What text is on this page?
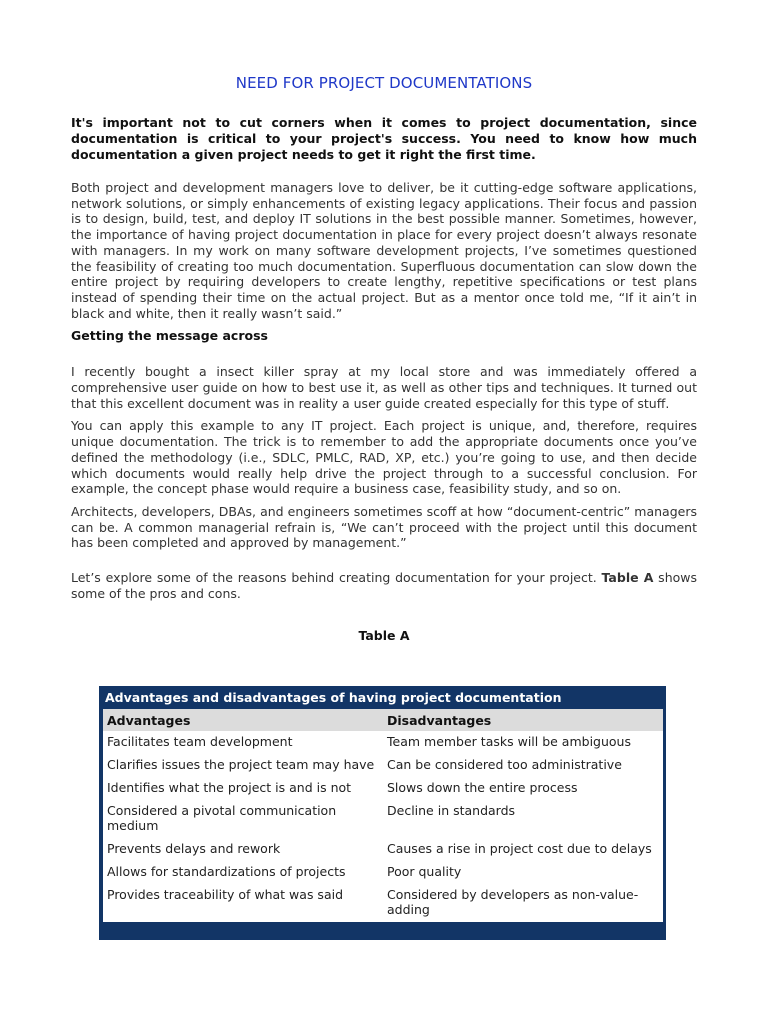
NEED FOR PROJECT DOCUMENTATIONS

It's important not to cut corners when it comes to project documentation, since documentation is critical to your project's success. You need to know how much documentation a given project needs to get it right the first time.

Both project and development managers love to deliver, be it cutting-edge software applications, network solutions, or simply enhancements of existing legacy applications. Their focus and passion is to design, build, test, and deploy IT solutions in the best possible manner. Sometimes, however, the importance of having project documentation in place for every project doesn’t always resonate with managers. In my work on many software development projects, I’ve sometimes questioned the feasibility of creating too much documentation. Superfluous documentation can slow down the entire project by requiring developers to create lengthy, repetitive specifications or test plans instead of spending their time on the actual project. But as a mentor once told me, “If it ain’t in black and white, then it really wasn’t said.”

Getting the message across

I recently bought a insect killer spray at my local store and was immediately offered a comprehensive user guide on how to best use it, as well as other tips and techniques. It turned out that this excellent document was in reality a user guide created especially for this type of stuff.

You can apply this example to any IT project. Each project is unique, and, therefore, requires unique documentation. The trick is to remember to add the appropriate documents once you’ve defined the methodology (i.e., SDLC, PMLC, RAD, XP, etc.) you’re going to use, and then decide which documents would really help drive the project through to a successful conclusion. For example, the concept phase would require a business case, feasibility study, and so on.

Architects, developers, DBAs, and engineers sometimes scoff at how “document-centric” managers can be. A common managerial refrain is, “We can’t proceed with the project until this document has been completed and approved by management.”

Let’s explore some of the reasons behind creating documentation for your project. Table A shows some of the pros and cons.

Table A

Advantages and disadvantages of having project documentation
Advantages	Disadvantages
Facilitates team development	Team member tasks will be ambiguous
Clarifies issues the project team may have	Can be considered too administrative
Identifies what the project is and is not	Slows down the entire process
Considered a pivotal communication medium	Decline in standards
Prevents delays and rework	Causes a rise in project cost due to delays
Allows for standardizations of projects	Poor quality
Provides traceability of what was said	Considered by developers as non-value-adding
